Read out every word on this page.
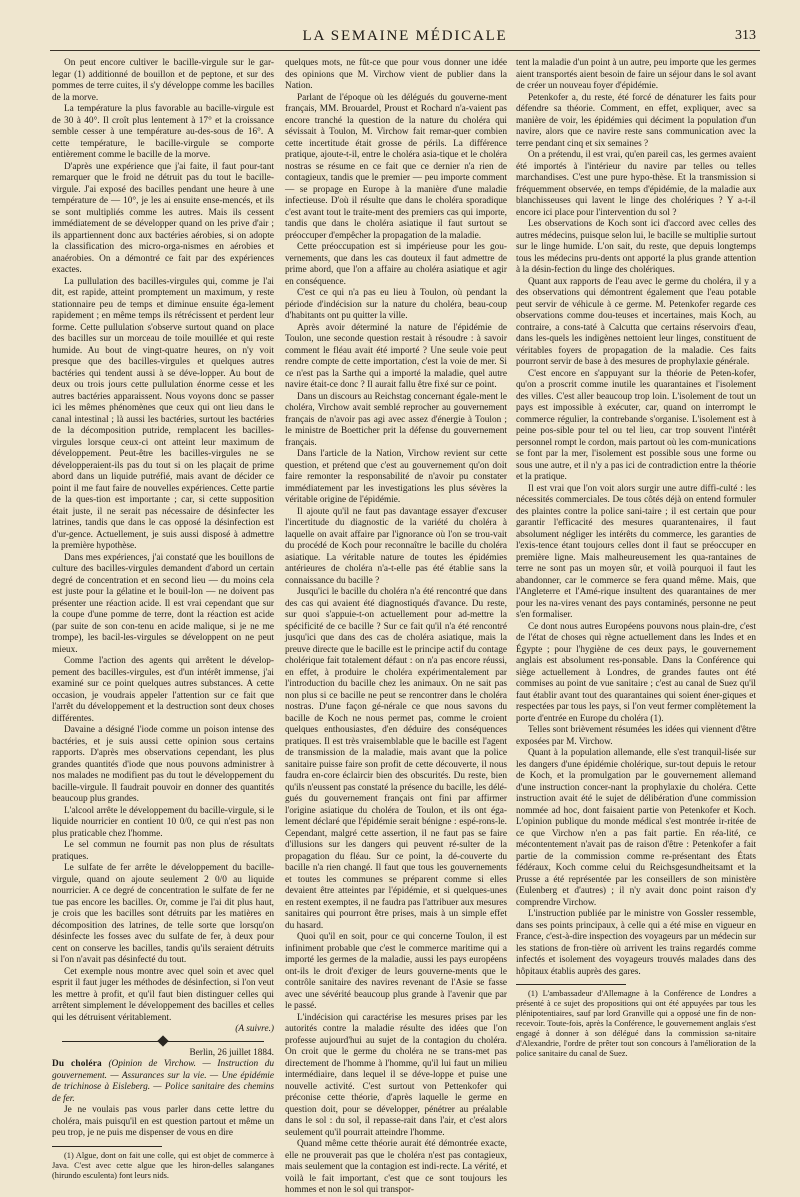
LA SEMAINE MÉDICALE	313

On peut encore cultiver le bacille-virgule sur le gar-legar (1) additionné de bouillon et de peptone, et sur des pommes de terre cuites, il s'y développe comme les bacilles de la morve.

La température la plus favorable au bacille-virgule est de 30 à 40°. Il croît plus lentement à 17° et la croissance semble cesser à une température au-des-sous de 16°. A cette température, le bacille-virgule se comporte entièrement comme le bacille de la morve.

D'après une expérience que j'ai faite, il faut pour-tant remarquer que le froid ne détruit pas du tout le bacille-virgule. J'ai exposé des bacilles pendant une heure à une température de — 10°, je les ai ensuite ense-mencés, et ils se sont multipliés comme les autres. Mais ils cessent immédiatement de se développer quand on les prive d'air ; ils appartiennent donc aux bactéries aérobies, si on adopte la classification des micro-orga-nismes en aérobies et anaérobies. On a démontré ce fait par des expériences exactes.

La pullulation des bacilles-virgules qui, comme je l'ai dit, est rapide, atteint promptement un maximum, y reste stationnaire peu de temps et diminue ensuite éga-lement rapidement ; en même temps ils rétrécissent et perdent leur forme. Cette pullulation s'observe surtout quand on place des bacilles sur un morceau de toile mouillée et qui reste humide. Au bout de vingt-quatre heures, on n'y voit presque que des bacilles-virgules et quelques autres bactéries qui tendent aussi à se déve-lopper. Au bout de deux ou trois jours cette pullulation énorme cesse et les autres bactéries apparaissent. Nous voyons donc se passer ici les mêmes phénomènes que ceux qui ont lieu dans le canal intestinal ; là aussi les bactéries, surtout les bactéries de la décomposition putride, remplacent les bacilles-virgules lorsque ceux-ci ont atteint leur maximum de développement. Peut-être les bacilles-virgules ne se développeraient-ils pas du tout si on les plaçait de prime abord dans un liquide putréfié, mais avant de décider ce point il me faut faire de nouvelles expériences. Cette partie de la ques-tion est importante ; car, si cette supposition était juste, il ne serait pas nécessaire de désinfecter les latrines, tandis que dans le cas opposé la désinfection est d'ur-gence. Actuellement, je suis aussi disposé à admettre la première hypothèse.

Dans mes expériences, j'ai constaté que les bouillons de culture des bacilles-virgules demandent d'abord un certain degré de concentration et en second lieu — du moins cela est juste pour la gélatine et le bouil-lon — ne doivent pas présenter une réaction acide. Il est vrai cependant que sur la coupe d'une pomme de terre, dont la réaction est acide (par suite de son con-tenu en acide malique, si je ne me trompe), les bacil-les-virgules se développent on ne peut mieux.

Comme l'action des agents qui arrêtent le dévelop-pement des bacilles-virgules, est d'un intérêt immense, j'ai examiné sur ce point quelques autres substances. A cette occasion, je voudrais appeler l'attention sur ce fait que l'arrêt du développement et la destruction sont deux choses différentes.

Davaine a désigné l'iode comme un poison intense des bactéries, et je suis aussi cette opinion sous certains rapports. D'après mes observations cependant, les plus grandes quantités d'iode que nous pouvons administrer à nos malades ne modifient pas du tout le développement du bacille-virgule. Il faudrait pouvoir en donner des quantités beaucoup plus grandes.

L'alcool arrête le développement du bacille-virgule, si le liquide nourricier en contient 10 0/0, ce qui n'est pas non plus praticable chez l'homme.

Le sel commun ne fournit pas non plus de résultats pratiques.

Le sulfate de fer arrête le développement du bacille-virgule, quand on ajoute seulement 2 0/0 au liquide nourricier. A ce degré de concentration le sulfate de fer ne tue pas encore les bacilles. Or, comme je l'ai dit plus haut, je crois que les bacilles sont détruits par les matières en décomposition des latrines, de telle sorte que lorsqu'on désinfecte les fosses avec du sulfate de fer, à deux pour cent on conserve les bacilles, tandis qu'ils seraient détruits si l'on n'avait pas désinfecté du tout.

Cet exemple nous montre avec quel soin et avec quel esprit il faut juger les méthodes de désinfection, si l'on veut les mettre à profit, et qu'il faut bien distinguer celles qui arrêtent simplement le développement des bacilles et celles qui les détruisent véritablement.

(A suivre.)

Berlin, 26 juillet 1884.

Du choléra (Opinion de Virchow. — Instruction du gouvernement. — Assurances sur la vie. — Une épidémie de trichinose à Eisleberg. — Police sanitaire des chemins de fer.

Je ne voulais pas vous parler dans cette lettre du choléra, mais puisqu'il en est question partout et même un peu trop, je ne puis me dispenser de vous en dire

(1) Algue, dont on fait une colle, qui est objet de commerce à Java. C'est avec cette algue que les hiron-delles salanganes (hirundo esculenta) font leurs nids.

quelques mots, ne fût-ce que pour vous donner une idée des opinions que M. Virchow vient de publier dans la Nation.

Parlant de l'époque où les délégués du gouverne-ment français, MM. Brouardel, Proust et Rochard n'a-vaient pas encore tranché la question de la nature du choléra qui sévissait à Toulon, M. Virchow fait remar-quer combien cette incertitude était grosse de périls. La différence pratique, ajoute-t-il, entre le choléra asia-tique et le choléra nostras se résume en ce fait que ce dernier n'a rien de contagieux, tandis que le premier — peu importe comment — se propage en Europe à la manière d'une maladie infectieuse. D'où il résulte que dans le choléra sporadique c'est avant tout le traite-ment des premiers cas qui importe, tandis que dans le choléra asiatique il faut surtout se préoccuper d'empêcher la propagation de la maladie.

Cette préoccupation est si impérieuse pour les gou-vernements, que dans les cas douteux il faut admettre de prime abord, que l'on a affaire au choléra asiatique et agir en conséquence.

C'est ce qui n'a pas eu lieu à Toulon, où pendant la période d'indécision sur la nature du choléra, beau-coup d'habitants ont pu quitter la ville.

Après avoir déterminé la nature de l'épidémie de Toulon, une seconde question restait à résoudre : à savoir comment le fléau avait été importé ? Une seule voie peut rendre compte de cette importation, c'est la voie de mer. Si ce n'est pas la Sarthe qui a importé la maladie, quel autre navire était-ce donc ? Il aurait fallu être fixé sur ce point.

Dans un discours au Reichstag concernant égale-ment le choléra, Virchow avait semblé reprocher au gouvernement français de n'avoir pas agi avec assez d'énergie à Toulon ; le ministre de Boetticher prit la défense du gouvernement français.

Dans l'article de la Nation, Virchow revient sur cette question, et prétend que c'est au gouvernement qu'on doit faire remonter la responsabilité de n'avoir pu constater immédiatement par les investigations les plus sévères la véritable origine de l'épidémie.

Il ajoute qu'il ne faut pas davantage essayer d'excuser l'incertitude du diagnostic de la variété du choléra à laquelle on avait affaire par l'ignorance où l'on se trou-vait du procédé de Koch pour reconnaître le bacille du choléra asiatique. La véritable nature de toutes les épidémies antérieures de choléra n'a-t-elle pas été établie sans la connaissance du bacille ?

Jusqu'ici le bacille du choléra n'a été rencontré que dans des cas qui avaient été diagnostiqués d'avance. Du reste, sur quoi s'appuie-t-on actuellement pour ad-mettre la spécificité de ce bacille ? Sur ce fait qu'il n'a été rencontré jusqu'ici que dans des cas de choléra asiatique, mais la preuve directe que le bacille est le principe actif du contage cholérique fait totalement défaut : on n'a pas encore réussi, en effet, à produire le choléra expérimentalement par l'introduction du bacille chez les animaux. On ne sait pas non plus si ce bacille ne peut se rencontrer dans le choléra nostras. D'une façon gé-nérale ce que nous savons du bacille de Koch ne nous permet pas, comme le croient quelques enthousiastes, d'en déduire des conséquences pratiques. Il est très vraisemblable que le bacille est l'agent de transmission de la maladie, mais avant que la police sanitaire puisse faire son profit de cette découverte, il nous faudra en-core éclaircir bien des obscurités. Du reste, bien qu'ils n'eussent pas constaté la présence du bacille, les délé-gués du gouvernement français ont fini par affirmer l'origine asiatique du choléra de Toulon, et ils ont éga-lement déclaré que l'épidémie serait bénigne : espé-rons-le. Cependant, malgré cette assertion, il ne faut pas se faire d'illusions sur les dangers qui peuvent ré-sulter de la propagation du fléau. Sur ce point, la dé-couverte du bacille n'a rien changé. Il faut que tous les gouvernements et toutes les communes se préparent comme si elles devaient être atteintes par l'épidémie, et si quelques-unes en restent exemptes, il ne faudra pas l'attribuer aux mesures sanitaires qui pourront être prises, mais à un simple effet du hasard.

Quoi qu'il en soit, pour ce qui concerne Toulon, il est infiniment probable que c'est le commerce maritime qui a importé les germes de la maladie, aussi les pays européens ont-ils le droit d'exiger de leurs gouverne-ments que le contrôle sanitaire des navires revenant de l'Asie se fasse avec une sévérité beaucoup plus grande à l'avenir que par le passé.

L'indécision qui caractérise les mesures prises par les autorités contre la maladie résulte des idées que l'on professe aujourd'hui au sujet de la contagion du choléra. On croit que le germe du choléra ne se trans-met pas directement de l'homme à l'homme, qu'il lui faut un milieu intermédiaire, dans lequel il se déve-loppe et puise une nouvelle activité. C'est surtout von Pettenkofer qui préconise cette théorie, d'après laquelle le germe en question doit, pour se développer, pénétrer au préalable dans le sol : du sol, il repasse-rait dans l'air, et c'est alors seulement qu'il pourrait atteindre l'homme.

Quand même cette théorie aurait été démontrée exacte, elle ne prouverait pas que le choléra n'est pas contagieux, mais seulement que la contagion est indi-recte. La vérité, et voilà le fait important, c'est que ce sont toujours les hommes et non le sol qui transpor-

tent la maladie d'un point à un autre, peu importe que les germes aient transportés aient besoin de faire un séjour dans le sol avant de créer un nouveau foyer d'épidémie.

Petenkofer a, du reste, été forcé de dénaturer les faits pour défendre sa théorie. Comment, en effet, expliquer, avec sa manière de voir, les épidémies qui déciment la population d'un navire, alors que ce navire reste sans communication avec la terre pendant cinq et six semaines ?

On a prétendu, il est vrai, qu'en pareil cas, les germes avaient été importés à l'intérieur du navire par telles ou telles marchandises. C'est une pure hypo-thèse. Et la transmission si fréquemment observée, en temps d'épidémie, de la maladie aux blanchisseuses qui lavent le linge des cholériques ? Y a-t-il encore ici place pour l'intervention du sol ?

Les observations de Koch sont ici d'accord avec celles des autres médecins, puisque selon lui, le bacille se multiplie surtout sur le linge humide. L'on sait, du reste, que depuis longtemps tous les médecins pru-dents ont apporté la plus grande attention à la désin-fection du linge des cholériques.

Quant aux rapports de l'eau avec le germe du choléra, il y a des observations qui démontrent également que l'eau potable peut servir de véhicule à ce germe. M. Petenkofer regarde ces observations comme dou-teuses et incertaines, mais Koch, au contraire, a cons-taté à Calcutta que certains réservoirs d'eau, dans les-quels les indigènes nettoient leur linges, constituent de véritables foyers de propagation de la maladie. Ces faits pourront servir de base à des mesures de prophylaxie générale.

C'est encore en s'appuyant sur la théorie de Peten-kofer, qu'on a proscrit comme inutile les quarantaines et l'isolement des villes. C'est aller beaucoup trop loin. L'isolement de tout un pays est impossible à exécuter, car, quand on interrompt le commerce régulier, la contrebande s'organise. L'isolement est à peine pos-sible pour tel ou tel lieu, car trop souvent l'intérêt personnel rompt le cordon, mais partout où les com-munications se font par la mer, l'isolement est possible sous une forme ou sous une autre, et il n'y a pas ici de contradiction entre la théorie et la pratique.

Il est vrai que l'on voit alors surgir une autre diffi-culté : les nécessités commerciales. De tous côtés déjà on entend formuler des plaintes contre la police sani-taire ; il est certain que pour garantir l'efficacité des mesures quarantenaires, il faut absolument négliger les intérêts du commerce, les garanties de l'exis-tence étant toujours celles dont il faut se préoccuper en première ligne. Mais malheureusement les qua-rantaines de terre ne sont pas un moyen sûr, et voilà pourquoi il faut les abandonner, car le commerce se fera quand même. Mais, que l'Angleterre et l'Amé-rique insultent des quarantaines de mer pour les na-vires venant des pays contaminés, personne ne peut s'en formaliser.

Ce dont nous autres Européens pouvons nous plain-dre, c'est de l'état de choses qui règne actuellement dans les Indes et en Égypte ; pour l'hygiène de ces deux pays, le gouvernement anglais est absolument res-ponsable. Dans la Conférence qui siège actuellement à Londres, de grandes fautes ont été commises au point de vue sanitaire ; c'est au canal de Suez qu'il faut établir avant tout des quarantaines qui soient éner-giques et respectées par tous les pays, si l'on veut fermer complètement la porte d'entrée en Europe du choléra (1).

Telles sont brièvement résumées les idées qui viennent d'être exposées par M. Virchow.

Quant à la population allemande, elle s'est tranquil-lisée sur les dangers d'une épidémie cholérique, sur-tout depuis le retour de Koch, et la promulgation par le gouvernement allemand d'une instruction concer-nant la prophylaxie du choléra. Cette instruction avait été le sujet de délibération d'une commission nommée ad hoc, dont faisaient partie von Petenkofer et Koch. L'opinion publique du monde médical s'est montrée ir-ritée de ce que Virchow n'en a pas fait partie. En réa-lité, ce mécontentement n'avait pas de raison d'être : Petenkofer a fait partie de la commission comme re-présentant des États fédéraux, Koch comme celui du Reichsgesundheitsamt et la Prusse a été représentée par les conseillers de son ministère (Eulenberg et d'autres) ; il n'y avait donc point raison d'y comprendre Virchow.

L'instruction publiée par le ministre von Gossler ressemble, dans ses points principaux, à celle qui a été mise en vigueur en France, c'est-à-dire inspection des voyageurs par un médecin sur les stations de fron-tière où arrivent les trains regardés comme infectés et isolement des voyageurs trouvés malades dans des hôpitaux établis auprès des gares.

(1) L'ambassadeur d'Allemagne à la Conférence de Londres a présenté à ce sujet des propositions qui ont été appuyées par tous les plénipotentiaires, sauf par lord Granville qui a opposé une fin de non-recevoir. Toute-fois, après la Conférence, le gouvernement anglais s'est engagé à donner à son délégué dans la commission sa-nitaire d'Alexandrie, l'ordre de prêter tout son concours à l'amélioration de la police sanitaire du canal de Suez.
